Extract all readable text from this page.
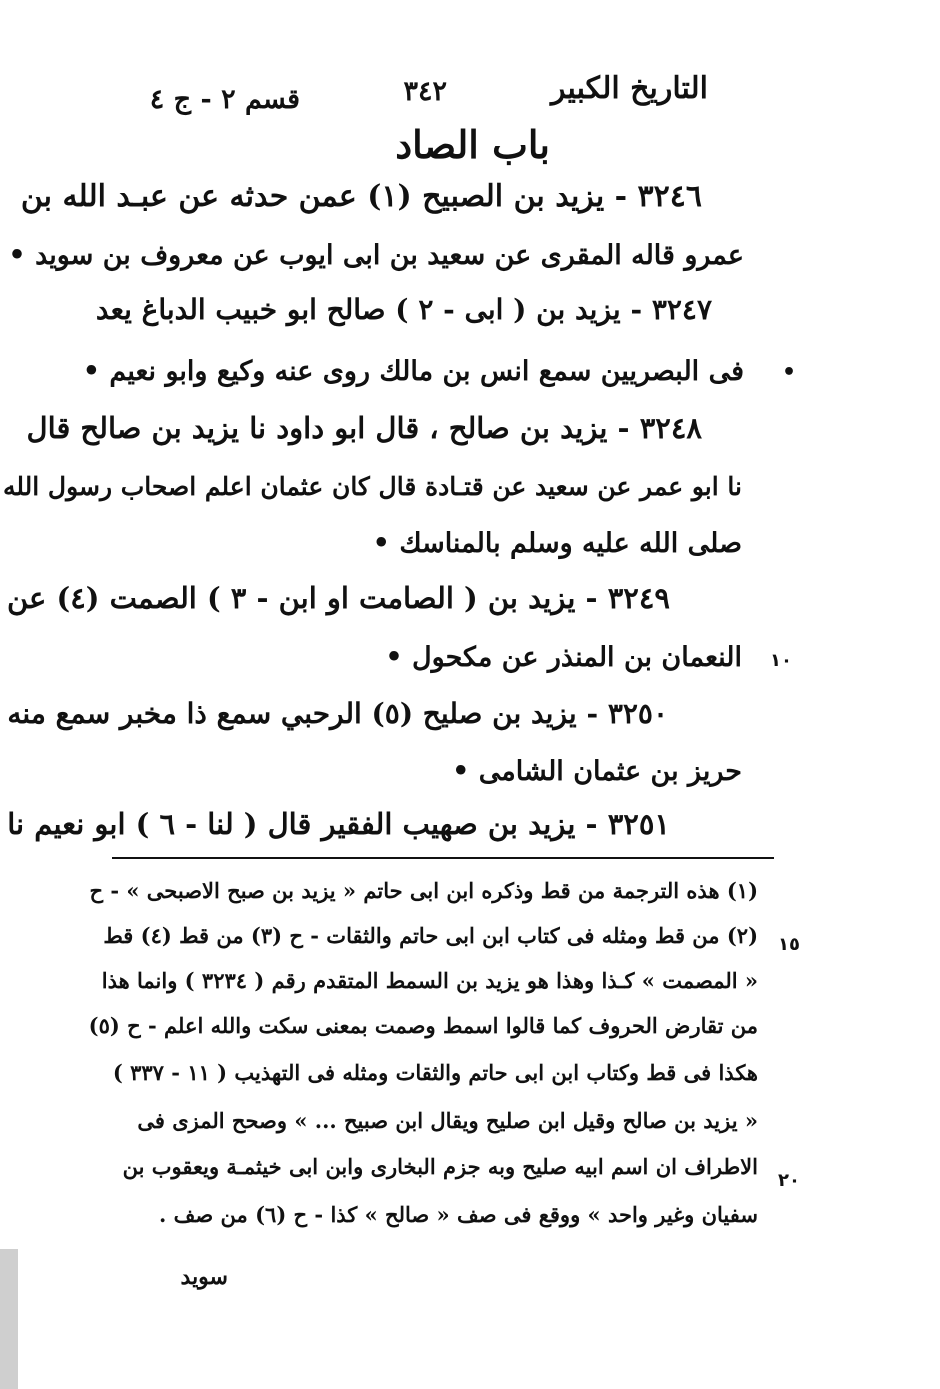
التاريخ الكبير
٣٤٢
قسم ٢ - ج ٤
باب الصاد
٣٢٤٦ - يزيد بن الصبيح (١) عمن حدثه عن عبـد الله بن
عمرو قاله المقرى عن سعيد بن ابى ايوب عن معروف بن سويد •
٣٢٤٧ - يزيد بن ( ابى - ٢ ) صالح ابو خبيب الدباغ يعد
فى البصريين سمع انس بن مالك روى عنه وكيع وابو نعيم •
٣٢٤٨ - يزيد بن صالح ، قال ابو داود نا يزيد بن صالح قال
نا ابو عمر عن سعيد عن قتـادة قال كان عثمان اعلم اصحاب رسول الله
صلى الله عليه وسلم بالمناسك •
٣٢٤٩ - يزيد بن ( الصامت او ابن - ٣ ) الصمت (٤) عن
النعمان بن المنذر عن مكحول •
٣٢٥٠ - يزيد بن صليح (٥) الرحبي سمع ذا مخبر سمع منه
حريز بن عثمان الشامى •
٣٢٥١ - يزيد بن صهيب الفقير قال ( لنا - ٦ ) ابو نعيم نا
•
١٠
(١) هذه الترجمة من قط وذكره ابن ابى حاتم « يزيد بن صبح الاصبحى » - ح
(٢) من قط ومثله فى كتاب ابن ابى حاتم والثقات - ح (٣) من قط (٤) قط
« المصمت » كـذا وهذا هو يزيد بن السمط المتقدم رقم ( ٣٢٣٤ ) وانما هذا
من تقارض الحروف كما قالوا اسمط وصمت بمعنى سكت والله اعلم - ح (٥)
هكذا فى قط وكتاب ابن ابى حاتم والثقات ومثله فى التهذيب ( ١١ - ٣٣٧ )
« يزيد بن صالح وقيل ابن صليح ويقال ابن صبيح ... » وصحح المزى فى
الاطراف ان اسم ابيه صليح وبه جزم البخارى وابن ابى خيثمـة ويعقوب بن
سفيان وغير واحد » ووقع فى صف « صالح » كذا - ح (٦) من صف .
١٥
٢٠
سويد
